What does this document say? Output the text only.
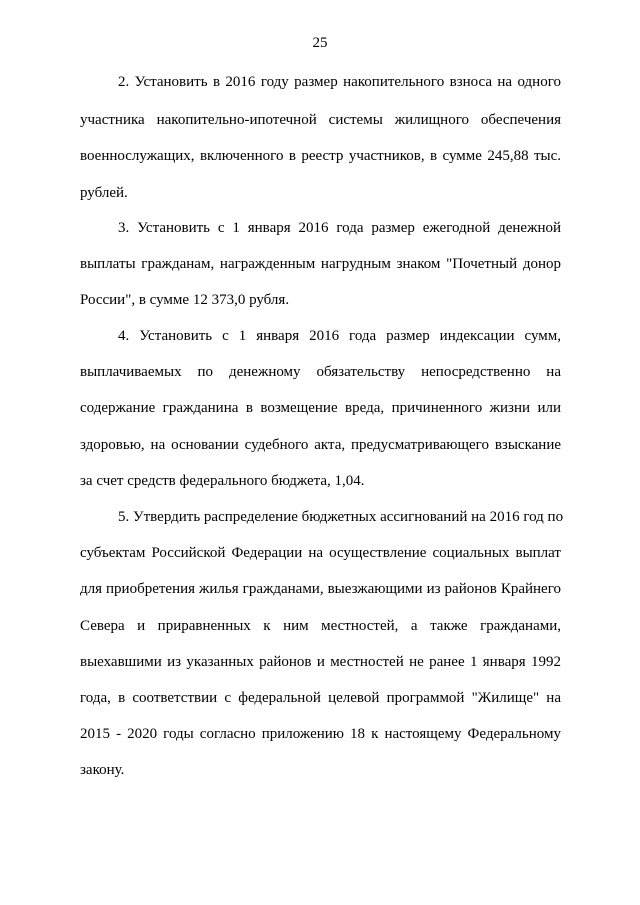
25
2. Установить в 2016 году размер накопительного взноса на одного
участника накопительно-ипотечной системы жилищного обеспечения
военнослужащих, включенного в реестр участников, в сумме 245,88 тыс.
рублей.
3. Установить с 1 января 2016 года размер ежегодной денежной
выплаты гражданам, награжденным нагрудным знаком "Почетный донор
России", в сумме 12 373,0 рубля.
4. Установить с 1 января 2016 года размер индексации сумм,
выплачиваемых по денежному обязательству непосредственно на
содержание гражданина в возмещение вреда, причиненного жизни или
здоровью, на основании судебного акта, предусматривающего взыскание
за счет средств федерального бюджета, 1,04.
5. Утвердить распределение бюджетных ассигнований на 2016 год по
субъектам Российской Федерации на осуществление социальных выплат
для приобретения жилья гражданами, выезжающими из районов Крайнего
Севера и приравненных к ним местностей, а также гражданами,
выехавшими из указанных районов и местностей не ранее 1 января 1992
года, в соответствии с федеральной целевой программой "Жилище" на
2015 - 2020 годы согласно приложению 18 к настоящему Федеральному
закону.
